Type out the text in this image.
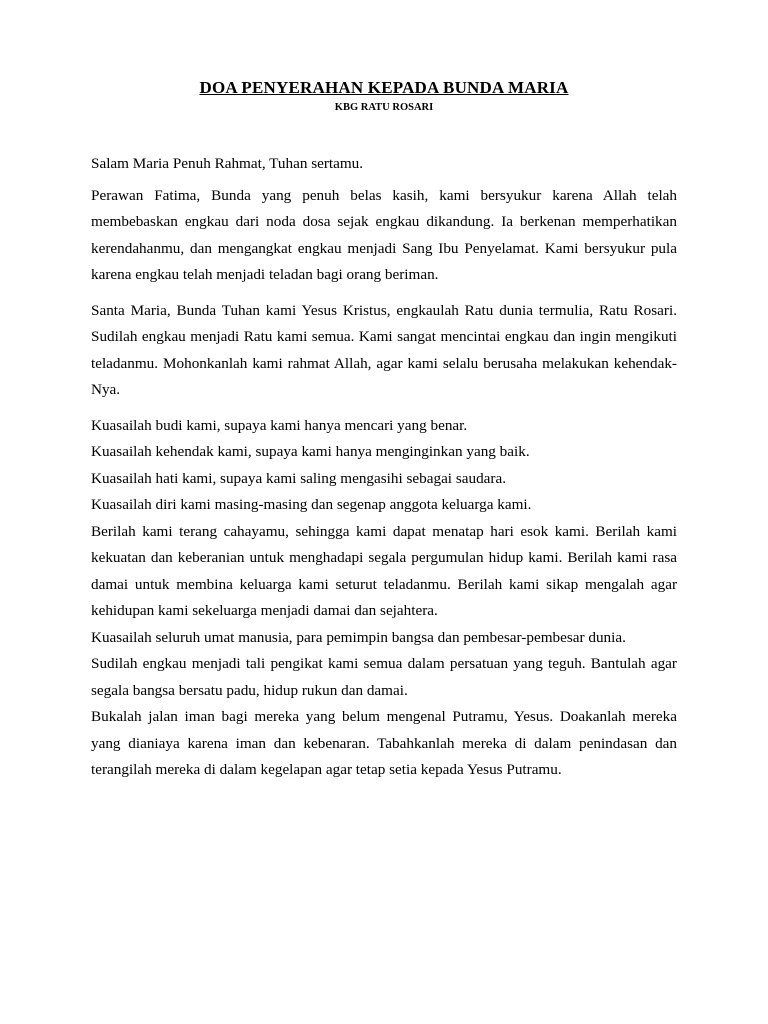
DOA PENYERAHAN KEPADA BUNDA MARIA
KBG RATU ROSARI

Salam Maria Penuh Rahmat, Tuhan sertamu.

Perawan Fatima, Bunda yang penuh belas kasih, kami bersyukur karena Allah telah membebaskan engkau dari noda dosa sejak engkau dikandung. Ia berkenan memperhatikan kerendahanmu, dan mengangkat engkau menjadi Sang Ibu Penyelamat. Kami bersyukur pula karena engkau telah menjadi teladan bagi orang beriman.

Santa Maria, Bunda Tuhan kami Yesus Kristus, engkaulah Ratu dunia termulia, Ratu Rosari. Sudilah engkau menjadi Ratu kami semua. Kami sangat mencintai engkau dan ingin mengikuti teladanmu. Mohonkanlah kami rahmat Allah, agar kami selalu berusaha melakukan kehendak-Nya.

Kuasailah budi kami, supaya kami hanya mencari yang benar.

Kuasailah kehendak kami, supaya kami hanya menginginkan yang baik.

Kuasailah hati kami, supaya kami saling mengasihi sebagai saudara.

Kuasailah diri kami masing-masing dan segenap anggota keluarga kami.

Berilah kami terang cahayamu, sehingga kami dapat menatap hari esok kami. Berilah kami kekuatan dan keberanian untuk menghadapi segala pergumulan hidup kami. Berilah kami rasa damai untuk membina keluarga kami seturut teladanmu. Berilah kami sikap mengalah agar kehidupan kami sekeluarga menjadi damai dan sejahtera.

Kuasailah seluruh umat manusia, para pemimpin bangsa dan pembesar-pembesar dunia.

Sudilah engkau menjadi tali pengikat kami semua dalam persatuan yang teguh. Bantulah agar segala bangsa bersatu padu, hidup rukun dan damai.

Bukalah jalan iman bagi mereka yang belum mengenal Putramu, Yesus. Doakanlah mereka yang dianiaya karena iman dan kebenaran. Tabahkanlah mereka di dalam penindasan dan terangilah mereka di dalam kegelapan agar tetap setia kepada Yesus Putramu.
